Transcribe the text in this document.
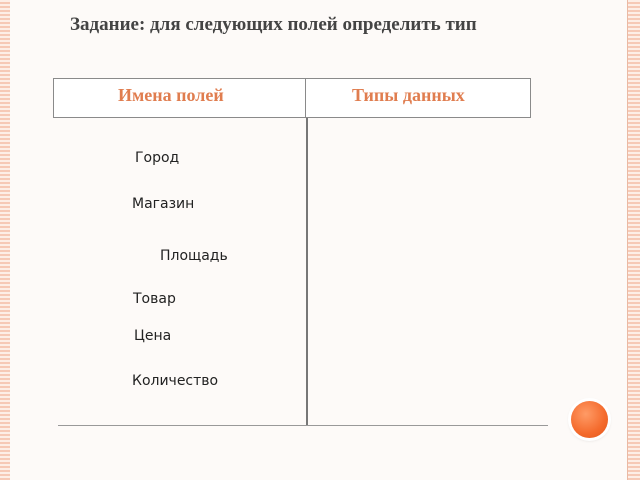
Задание: для следующих полей определить тип

Имена полей	Типы данных

Город

Магазин

Площадь

Товар

Цена

Количество
